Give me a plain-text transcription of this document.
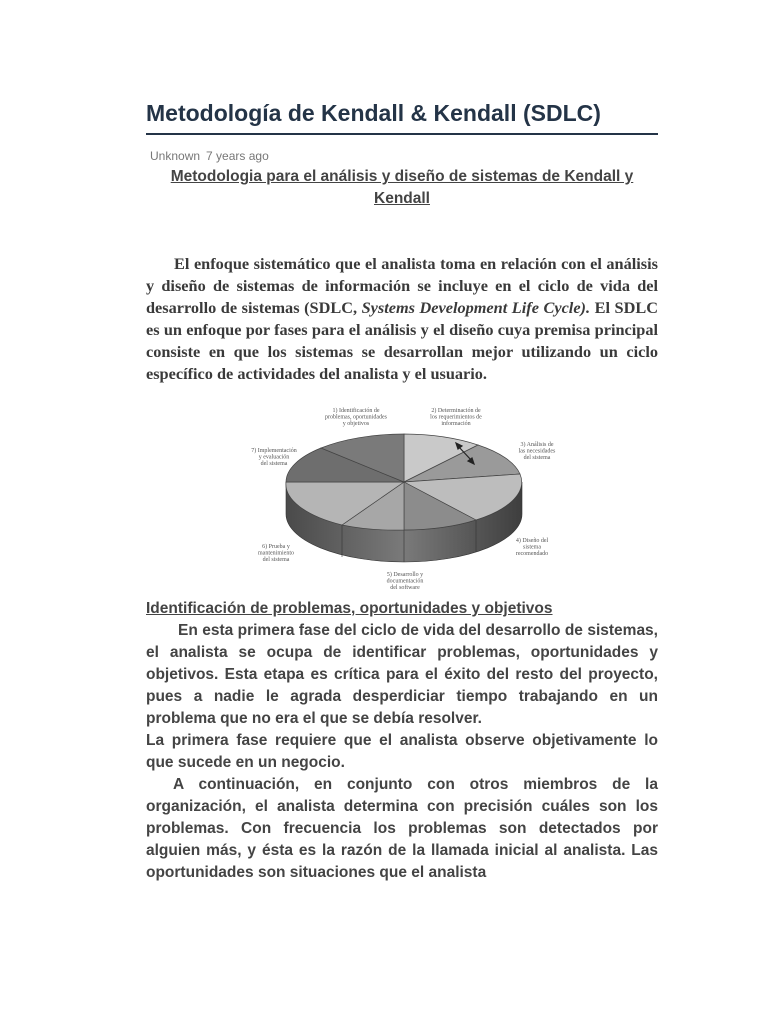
Metodología de Kendall & Kendall (SDLC)
Unknown 7 years ago
Metodologia para el análisis y diseño de sistemas de Kendall y Kendall

El enfoque sistemático que el analista toma en relación con el análisis y diseño de sistemas de información se incluye en el ciclo de vida del desarrollo de sistemas (SDLC, Systems Development Life Cycle). El SDLC es un enfoque por fases para el análisis y el diseño cuya premisa principal consiste en que los sistemas se desarrollan mejor utilizando un ciclo específico de actividades del analista y el usuario.

Identificación de problemas, oportunidades y objetivos

En esta primera fase del ciclo de vida del desarrollo de sistemas, el analista se ocupa de identificar problemas, oportunidades y objetivos. Esta etapa es crítica para el éxito del resto del proyecto, pues a nadie le agrada desperdiciar tiempo trabajando en un problema que no era el que se debía resolver.

La primera fase requiere que el analista observe objetivamente lo que sucede en un negocio.

A continuación, en conjunto con otros miembros de la organización, el analista determina con precisión cuáles son los problemas. Con frecuencia los problemas son detectados por alguien más, y ésta es la razón de la llamada inicial al analista. Las oportunidades son situaciones que el analista

1) Identificación de problemas, oportunidades y objetivos
2) Determinación de los requerimientos de información
3) Análisis de las necesidades del sistema
4) Diseño del sistema recomendado
5) Desarrollo y documentación del software
6) Prueba y mantenimiento del sistema
7) Implementación y evaluación del sistema
